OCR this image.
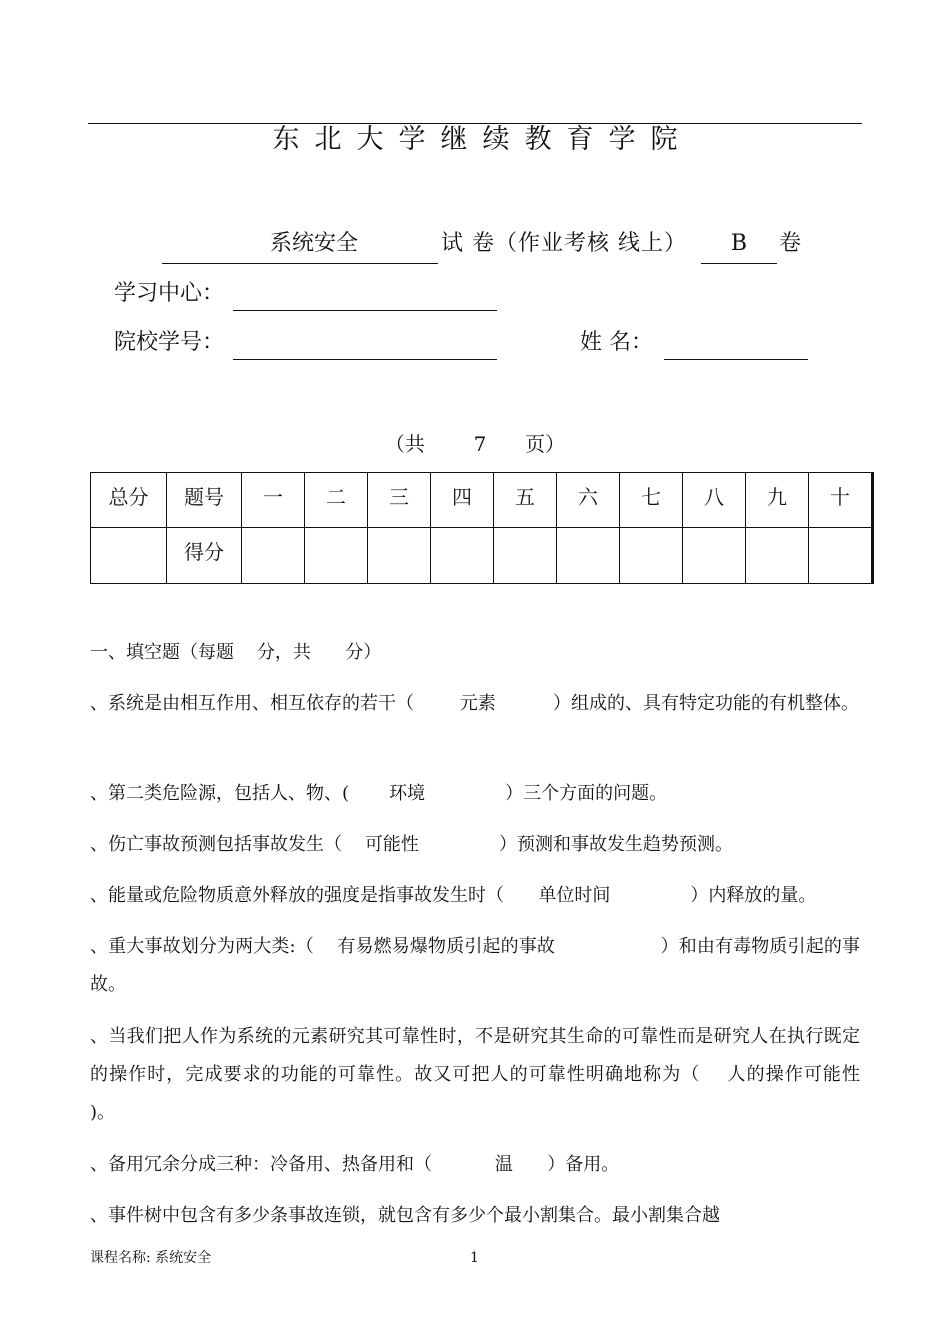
东北大学继续教育学院
系统安全	试 卷（作业考核 线上）	B	卷
学习中心：
院校学号：	姓 名：
（共 7 页）
总分	题号	一	二	三	四	五	六	七	八	九	十
	得分										
一、填空题（每题    分，共      分）
、系统是由相互作用、相互依存的若干（        元素          ）组成的、具有特定功能的有机整体。
、第二类危险源，包括人、物、(       环境              ）三个方面的问题。
、伤亡事故预测包括事故发生（    可能性              ）预测和事故发生趋势预测。
、能量或危险物质意外释放的强度是指事故发生时（      单位时间              ）内释放的量。
、重大事故划分为两大类:（    有易燃易爆物质引起的事故                  ）和由有毒物质引起的事故。
、当我们把人作为系统的元素研究其可靠性时，不是研究其生命的可靠性而是研究人在执行既定的操作时，完成要求的功能的可靠性。故又可把人的可靠性明确地称为（    人的操作可能性            )。
、备用冗余分成三种：冷备用、热备用和（           温      ）备用。
、事件树中包含有多少条事故连锁，就包含有多少个最小割集合。最小割集合越
课程名称: 系统安全	1
